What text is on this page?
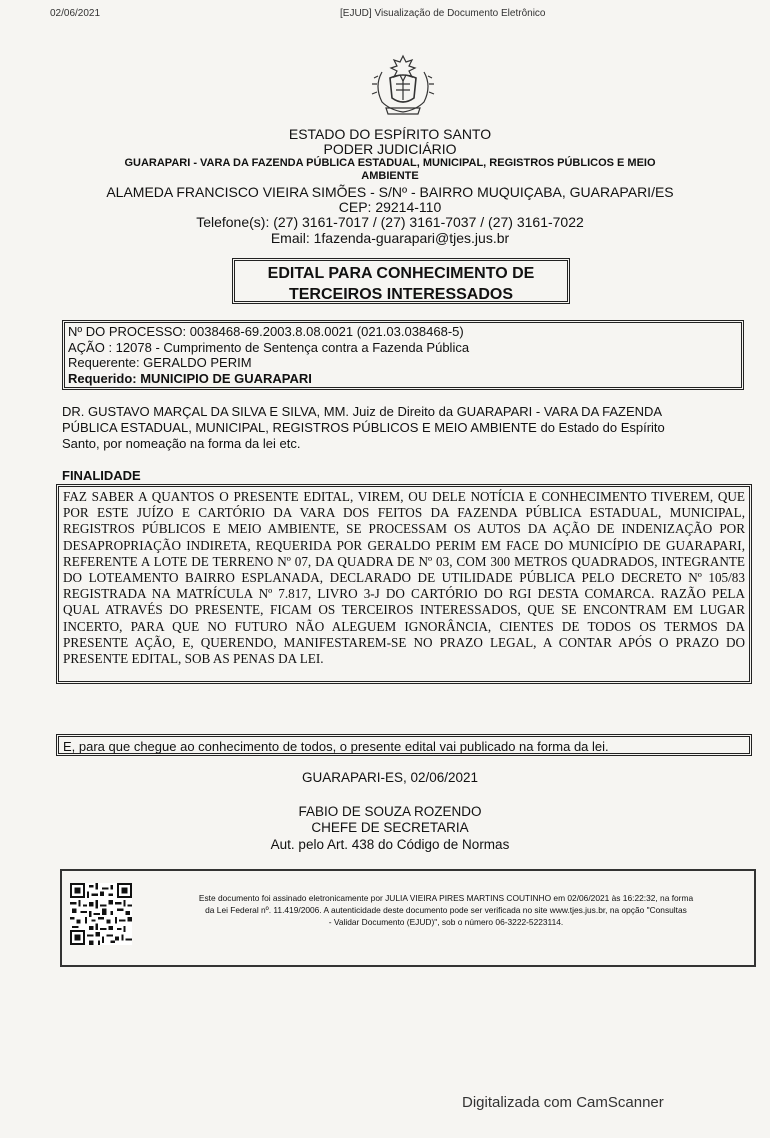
02/06/2021	[EJUD] Visualização de Documento Eletrônico
ESTADO DO ESPÍRITO SANTO
PODER JUDICIÁRIO
GUARAPARI - VARA DA FAZENDA PÚBLICA ESTADUAL, MUNICIPAL, REGISTROS PÚBLICOS E MEIO
AMBIENTE
ALAMEDA FRANCISCO VIEIRA SIMÕES - S/Nº - BAIRRO MUQUIÇABA, GUARAPARI/ES
CEP: 29214-110
Telefone(s): (27) 3161-7017 / (27) 3161-7037 / (27) 3161-7022
Email: 1fazenda-guarapari@tjes.jus.br
EDITAL PARA CONHECIMENTO DE
TERCEIROS INTERESSADOS
Nº DO PROCESSO: 0038468-69.2003.8.08.0021 (021.03.038468-5)
AÇÃO : 12078 - Cumprimento de Sentença contra a Fazenda Pública
Requerente: GERALDO PERIM
Requerido: MUNICIPIO DE GUARAPARI
DR. GUSTAVO MARÇAL DA SILVA E SILVA, MM. Juiz de Direito da GUARAPARI - VARA DA FAZENDA
PÚBLICA ESTADUAL, MUNICIPAL, REGISTROS PÚBLICOS E MEIO AMBIENTE do Estado do Espírito
Santo, por nomeação na forma da lei etc.
FINALIDADE
FAZ SABER A QUANTOS O PRESENTE EDITAL, VIREM, OU DELE NOTÍCIA E CONHECIMENTO TIVEREM, QUE POR ESTE JUÍZO E CARTÓRIO DA VARA DOS FEITOS DA FAZENDA PÚBLICA ESTADUAL, MUNICIPAL, REGISTROS PÚBLICOS E MEIO AMBIENTE, SE PROCESSAM OS AUTOS DA AÇÃO DE INDENIZAÇÃO POR DESAPROPRIAÇÃO INDIRETA, REQUERIDA POR GERALDO PERIM EM FACE DO MUNICÍPIO DE GUARAPARI, REFERENTE A LOTE DE TERRENO Nº 07, DA QUADRA DE Nº 03, COM 300 METROS QUADRADOS, INTEGRANTE DO LOTEAMENTO BAIRRO ESPLANADA, DECLARADO DE UTILIDADE PÚBLICA PELO DECRETO Nº 105/83 REGISTRADA NA MATRÍCULA Nº 7.817, LIVRO 3-J DO CARTÓRIO DO RGI DESTA COMARCA. RAZÃO PELA QUAL ATRAVÉS DO PRESENTE, FICAM OS TERCEIROS INTERESSADOS, QUE SE ENCONTRAM EM LUGAR INCERTO, PARA QUE NO FUTURO NÃO ALEGUEM IGNORÂNCIA, CIENTES DE TODOS OS TERMOS DA PRESENTE AÇÃO, E, QUERENDO, MANIFESTAREM-SE NO PRAZO LEGAL, A CONTAR APÓS O PRAZO DO PRESENTE EDITAL, SOB AS PENAS DA LEI.
E, para que chegue ao conhecimento de todos, o presente edital vai publicado na forma da lei.
GUARAPARI-ES, 02/06/2021
FABIO DE SOUZA ROZENDO
CHEFE DE SECRETARIA
Aut. pelo Art. 438 do Código de Normas
Este documento foi assinado eletronicamente por JULIA VIEIRA PIRES MARTINS COUTINHO em 02/06/2021 às 16:22:32, na forma
da Lei Federal nº. 11.419/2006. A autenticidade deste documento pode ser verificada no site www.tjes.jus.br, na opção "Consultas
- Validar Documento (EJUD)", sob o número 06-3222-5223114.
Digitalizada com CamScanner
